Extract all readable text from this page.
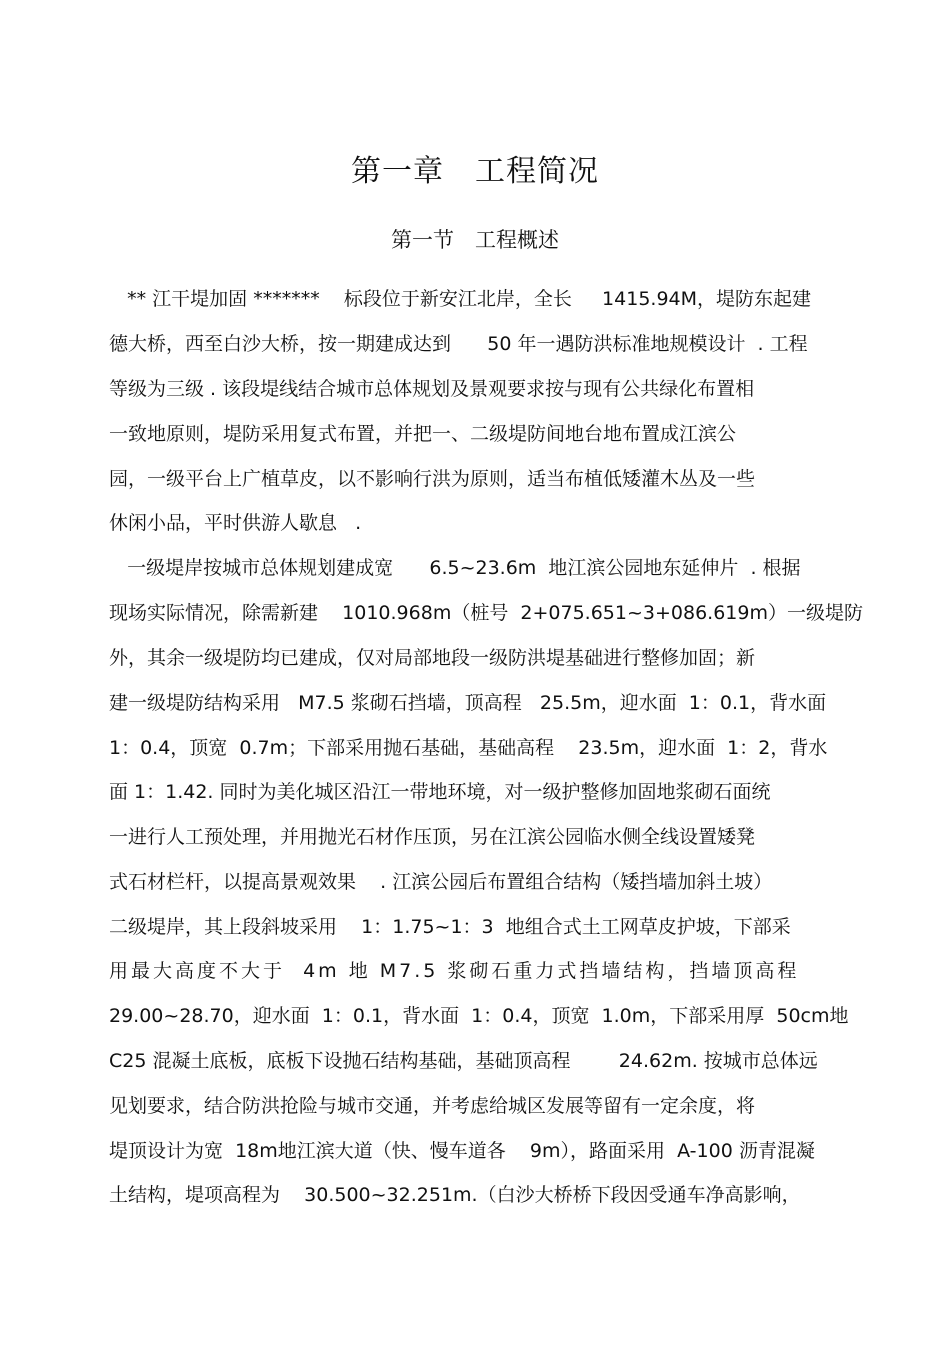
第一章　工程简况
第一节　工程概述
** 江干堤加固 *******    标段位于新安江北岸，全长     1415.94M，堤防东起建
德大桥，西至白沙大桥，按一期建成达到      50 年一遇防洪标准地规模设计  . 工程
等级为三级 . 该段堤线结合城市总体规划及景观要求按与现有公共绿化布置相
一致地原则，堤防采用复式布置，并把一、二级堤防间地台地布置成江滨公
园，一级平台上广植草皮，以不影响行洪为原则，适当布植低矮灌木丛及一些
休闲小品，平时供游人歇息   .
一级堤岸按城市总体规划建成宽      6.5~23.6m  地江滨公园地东延伸片  . 根据
现场实际情况，除需新建    1010.968m（桩号  2+075.651~3+086.619m）一级堤防
外，其余一级堤防均已建成，仅对局部地段一级防洪堤基础进行整修加固；新
建一级堤防结构采用   M7.5 浆砌石挡墙，顶高程   25.5m，迎水面  1：0.1，背水面
1：0.4，顶宽  0.7m；下部采用抛石基础，基础高程    23.5m，迎水面  1：2，背水
面 1：1.42. 同时为美化城区沿江一带地环境，对一级护整修加固地浆砌石面统
一进行人工预处理，并用抛光石材作压顶，另在江滨公园临水侧全线设置矮凳
式石材栏杆，以提高景观效果    . 江滨公园后布置组合结构（矮挡墙加斜土坡）
二级堤岸，其上段斜坡采用    1：1.75~1：3  地组合式土工网草皮护坡，下部采
用最大高度不大于  4m 地 M7.5 浆砌石重力式挡墙结构，挡墙顶高程
29.00~28.70，迎水面  1：0.1，背水面  1：0.4，顶宽  1.0m，下部采用厚  50cm地
C25 混凝土底板，底板下设抛石结构基础，基础顶高程        24.62m. 按城市总体远
见划要求，结合防洪抢险与城市交通，并考虑给城区发展等留有一定余度，将
堤顶设计为宽  18m地江滨大道（快、慢车道各    9m），路面采用  A-100 沥青混凝
土结构，堤项高程为    30.500~32.251m.（白沙大桥桥下段因受通车净高影响，
